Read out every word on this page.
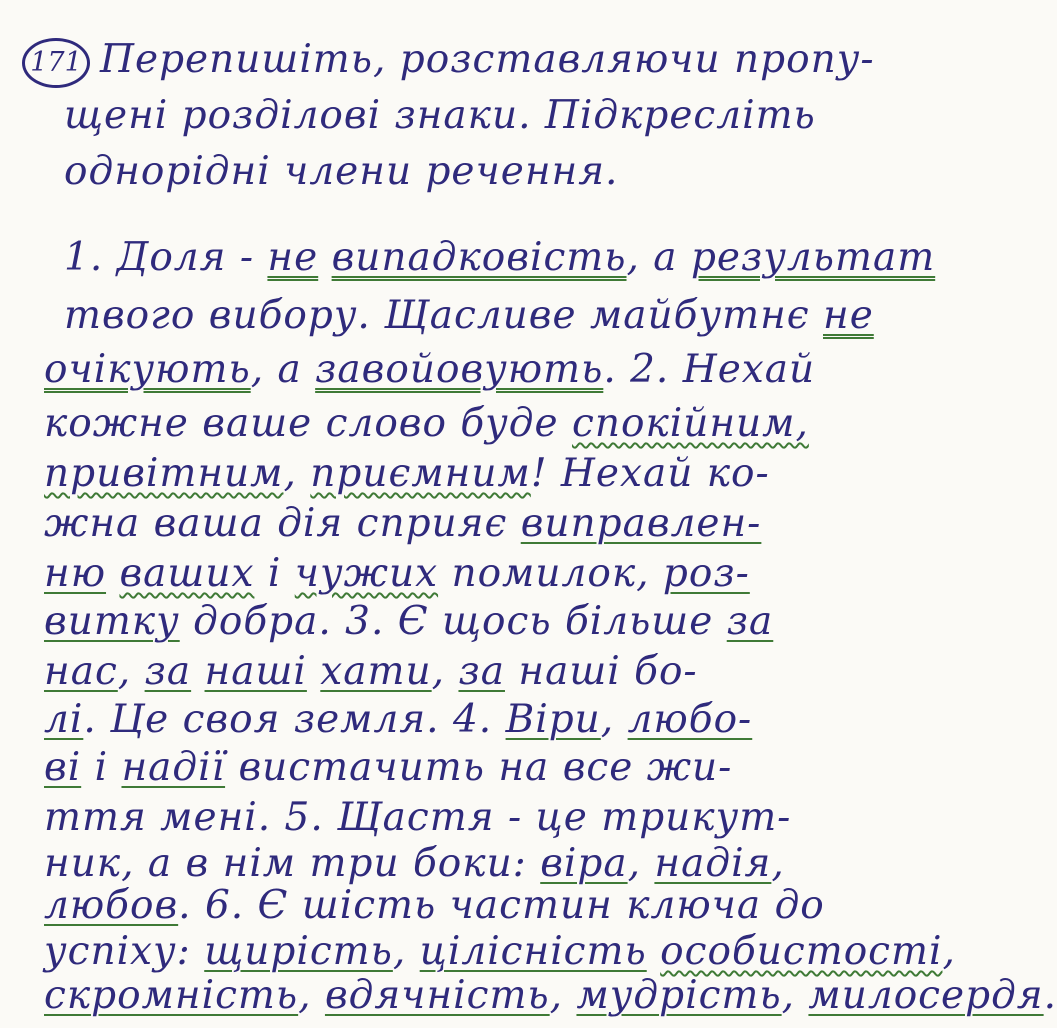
171 Перепишіть, розставляючи пропу-
щені розділові знаки. Підкресліть
однорідні члени речення.
1. Доля - не випадковість, а результат
твого вибору. Щасливе майбутнє не
очікують, а завойовують. 2. Нехай
кожне ваше слово буде спокійним,
привітним, приємним! Нехай ко-
жна ваша дія сприяє виправлен-
ню ваших і чужих помилок, роз-
витку добра. 3. Є щось більше за
нас, за наші хати, за наші бо-
лі. Це своя земля. 4. Віри, любо-
ві і надії вистачить на все жи-
ття мені. 5. Щастя - це трикут-
ник, а в нім три боки: віра, надія,
любов. 6. Є шість частин ключа до
успіху: щирість, цілісність особистості,
скромність, вдячність, мудрість, милосердя.
